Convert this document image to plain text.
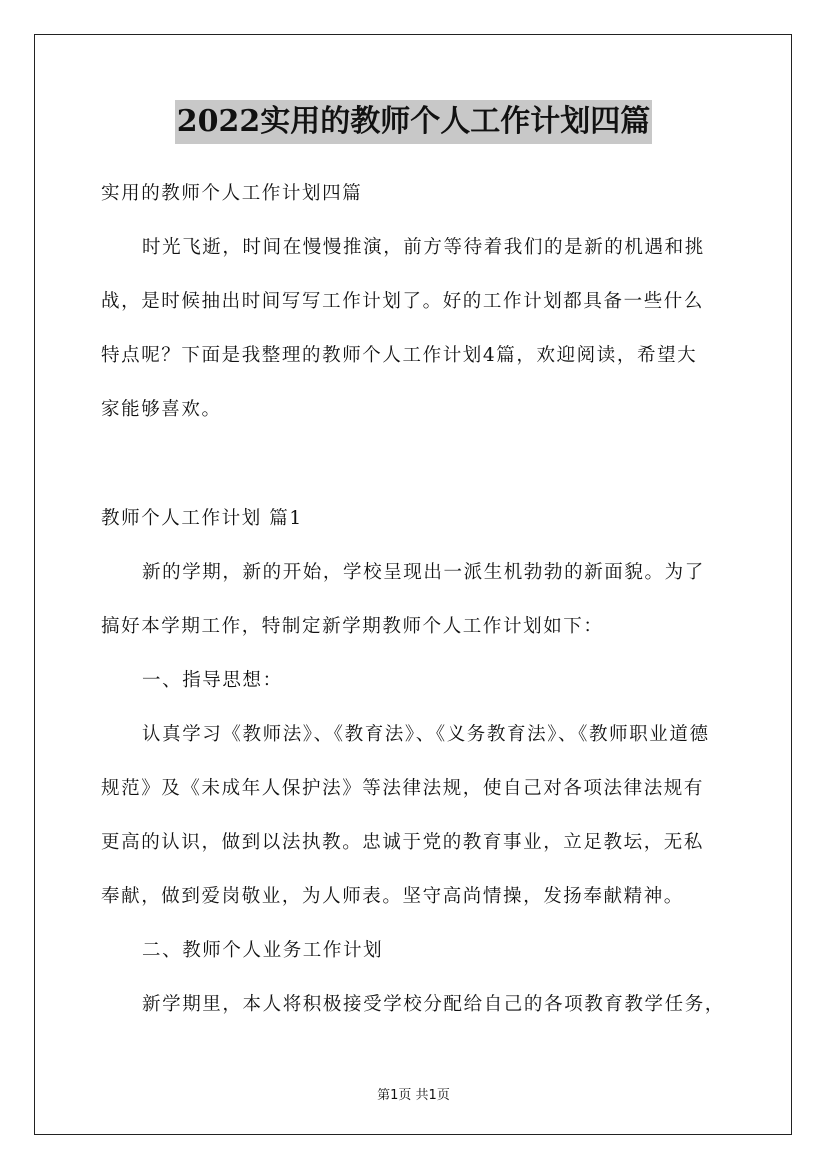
2022实用的教师个人工作计划四篇
实用的教师个人工作计划四篇
时光飞逝，时间在慢慢推演，前方等待着我们的是新的机遇和挑
战，是时候抽出时间写写工作计划了。好的工作计划都具备一些什么
特点呢？下面是我整理的教师个人工作计划4篇，欢迎阅读，希望大
家能够喜欢。
教师个人工作计划 篇1
新的学期，新的开始，学校呈现出一派生机勃勃的新面貌。为了
搞好本学期工作，特制定新学期教师个人工作计划如下：
一、指导思想：
认真学习《教师法》、《教育法》、《义务教育法》、《教师职业道德
规范》及《未成年人保护法》等法律法规，使自己对各项法律法规有
更高的认识，做到以法执教。忠诚于党的教育事业，立足教坛，无私
奉献，做到爱岗敬业，为人师表。坚守高尚情操，发扬奉献精神。
二、教师个人业务工作计划
新学期里，本人将积极接受学校分配给自己的各项教育教学任务，
第1页 共1页
